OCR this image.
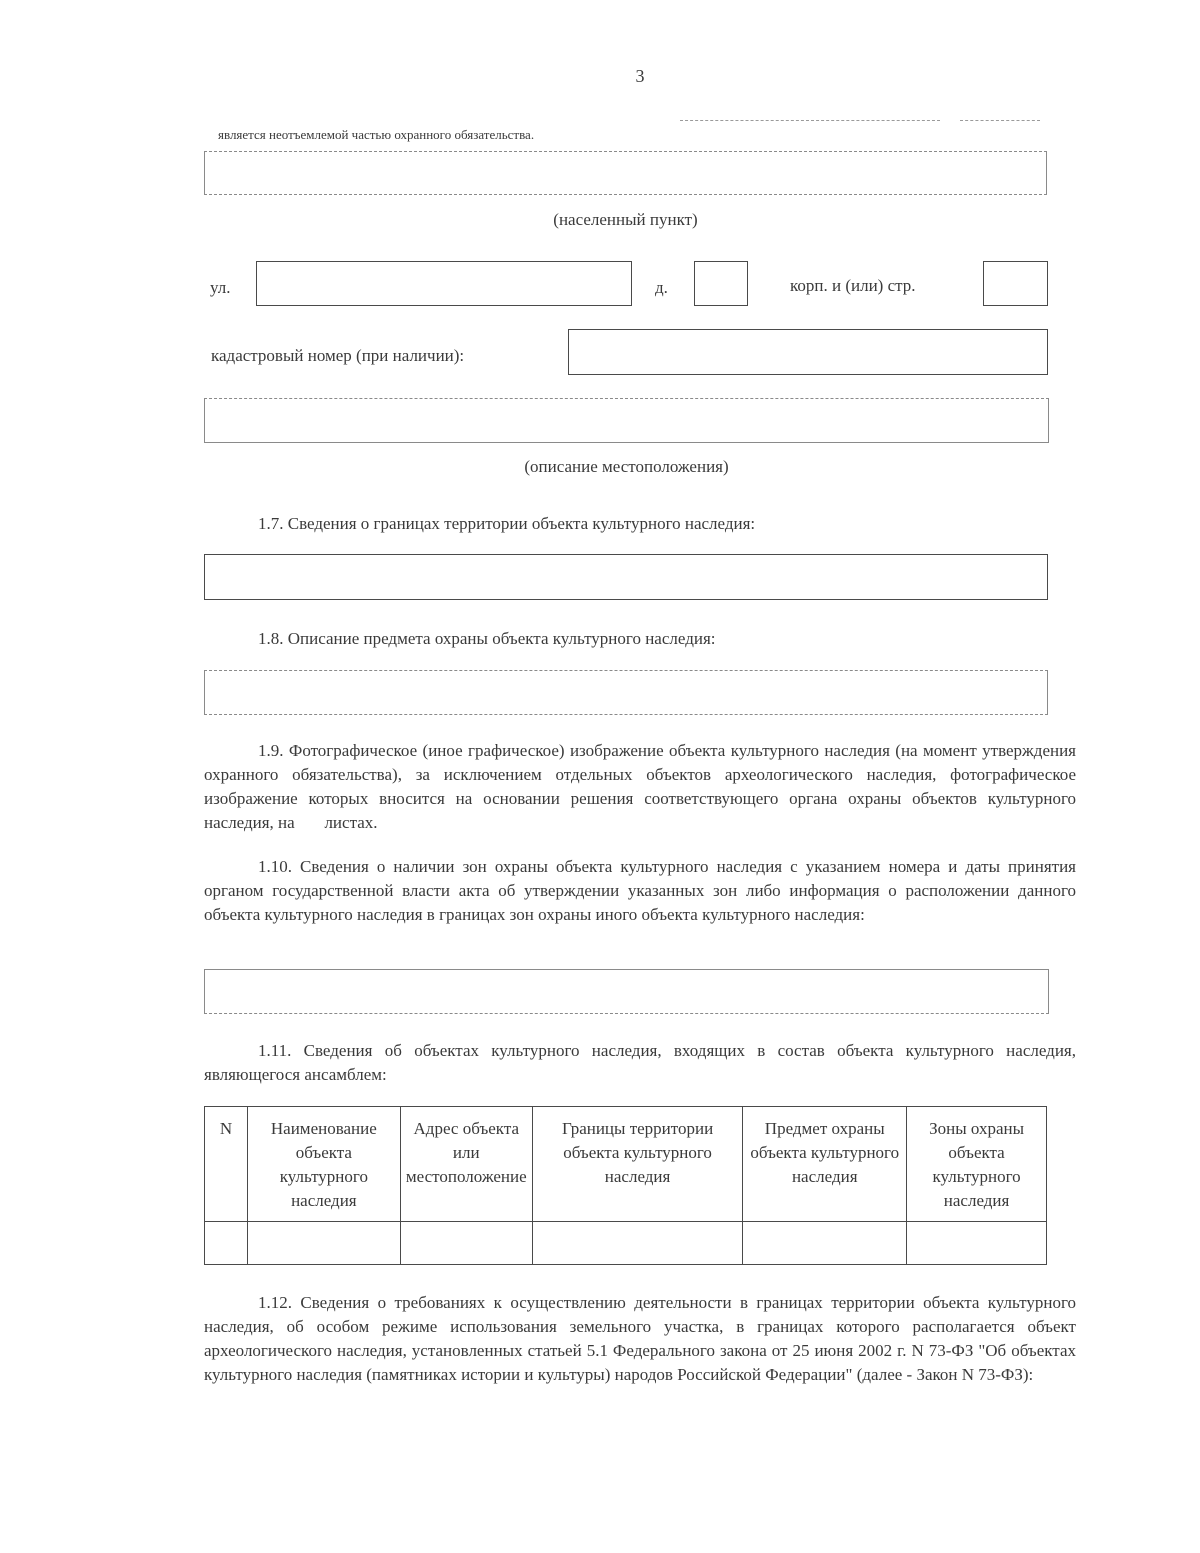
3
является неотъемлемой частью охранного обязательства.
(населенный пункт)
ул.	д.	корп. и (или) стр.
кадастровый номер (при наличии):
(описание местоположения)
1.7. Сведения о границах территории объекта культурного наследия:
1.8. Описание предмета охраны объекта культурного наследия:

1.9. Фотографическое (иное графическое) изображение объекта культурного наследия (на момент утверждения охранного обязательства), за исключением отдельных объектов археологического наследия, фотографическое изображение которых вносится на основании решения соответствующего органа охраны объектов культурного наследия, на       листах.

1.10. Сведения о наличии зон охраны объекта культурного наследия с указанием номера и даты принятия органом государственной власти акта об утверждении указанных зон либо информация о расположении данного объекта культурного наследия в границах зон охраны иного объекта культурного наследия:

1.11. Сведения об объектах культурного наследия, входящих в состав объекта культурного наследия, являющегося ансамблем:

N	Наименование объекта культурного наследия	Адрес объекта или местоположение	Границы территории объекта культурного наследия	Предмет охраны объекта культурного наследия	Зоны охраны объекта культурного наследия

1.12. Сведения о требованиях к осуществлению деятельности в границах территории объекта культурного наследия, об особом режиме использования земельного участка, в границах которого располагается объект археологического наследия, установленных статьей 5.1 Федерального закона от 25 июня 2002 г. N 73-ФЗ "Об объектах культурного наследия (памятниках истории и культуры) народов Российской Федерации" (далее - Закон N 73-ФЗ):
